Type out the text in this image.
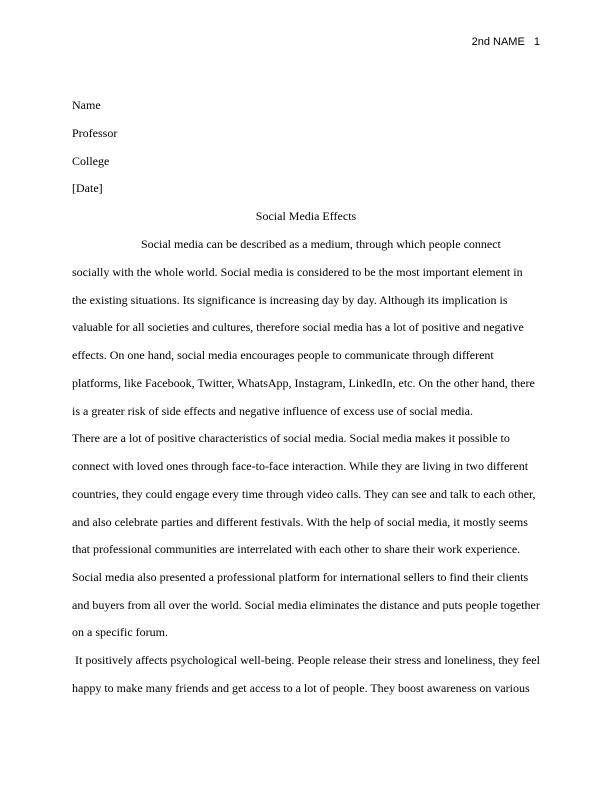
2nd NAME 1
Name
Professor
College
[Date]
Social Media Effects
Social media can be described as a medium, through which people connect
socially with the whole world. Social media is considered to be the most important element in
the existing situations. Its significance is increasing day by day. Although its implication is
valuable for all societies and cultures, therefore social media has a lot of positive and negative
effects. On one hand, social media encourages people to communicate through different
platforms, like Facebook, Twitter, WhatsApp, Instagram, LinkedIn, etc. On the other hand, there
is a greater risk of side effects and negative influence of excess use of social media.
There are a lot of positive characteristics of social media. Social media makes it possible to
connect with loved ones through face-to-face interaction. While they are living in two different
countries, they could engage every time through video calls. They can see and talk to each other,
and also celebrate parties and different festivals. With the help of social media, it mostly seems
that professional communities are interrelated with each other to share their work experience.
Social media also presented a professional platform for international sellers to find their clients
and buyers from all over the world. Social media eliminates the distance and puts people together
on a specific forum.
It positively affects psychological well-being. People release their stress and loneliness, they feel
happy to make many friends and get access to a lot of people. They boost awareness on various
